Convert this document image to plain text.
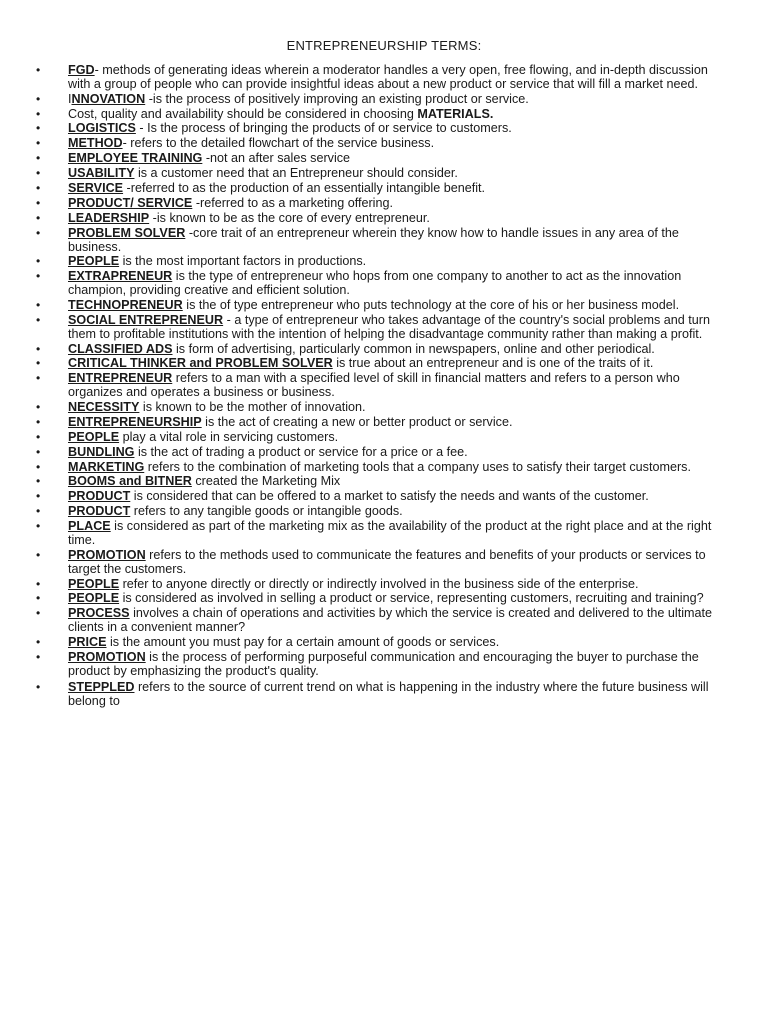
ENTREPRENEURSHIP TERMS:
• FGD- methods of generating ideas wherein a moderator handles a very open, free flowing, and in-depth discussion with a group of people who can provide insightful ideas about a new product or service that will fill a market need.
• INNOVATION -is the process of positively improving an existing product or service.
• Cost, quality and availability should be considered in choosing MATERIALS.
• LOGISTICS - Is the process of bringing the products of or service to customers.
• METHOD- refers to the detailed flowchart of the service business.
• EMPLOYEE TRAINING -not an after sales service
• USABILITY is a customer need that an Entrepreneur should consider.
• SERVICE -referred to as the production of an essentially intangible benefit.
• PRODUCT/ SERVICE -referred to as a marketing offering.
• LEADERSHIP -is known to be as the core of every entrepreneur.
• PROBLEM SOLVER -core trait of an entrepreneur wherein they know how to handle issues in any area of the business.
• PEOPLE is the most important factors in productions.
• EXTRAPRENEUR is the type of entrepreneur who hops from one company to another to act as the innovation champion, providing creative and efficient solution.
• TECHNOPRENEUR is the of type entrepreneur who puts technology at the core of his or her business model.
• SOCIAL ENTREPRENEUR - a type of entrepreneur who takes advantage of the country's social problems and turn them to profitable institutions with the intention of helping the disadvantage community rather than making a profit.
• CLASSIFIED ADS is form of advertising, particularly common in newspapers, online and other periodical.
• CRITICAL THINKER and PROBLEM SOLVER is true about an entrepreneur and is one of the traits of it.
• ENTREPRENEUR refers to a man with a specified level of skill in financial matters and refers to a person who organizes and operates a business or business.
• NECESSITY is known to be the mother of innovation.
• ENTREPRENEURSHIP is the act of creating a new or better product or service.
• PEOPLE play a vital role in servicing customers.
• BUNDLING is the act of trading a product or service for a price or a fee.
• MARKETING refers to the combination of marketing tools that a company uses to satisfy their target customers.
• BOOMS and BITNER created the Marketing Mix
• PRODUCT is considered that can be offered to a market to satisfy the needs and wants of the customer.
• PRODUCT refers to any tangible goods or intangible goods.
• PLACE is considered as part of the marketing mix as the availability of the product at the right place and at the right time.
• PROMOTION refers to the methods used to communicate the features and benefits of your products or services to target the customers.
• PEOPLE refer to anyone directly or directly or indirectly involved in the business side of the enterprise.
• PEOPLE is considered as involved in selling a product or service, representing customers, recruiting and training?
• PROCESS involves a chain of operations and activities by which the service is created and delivered to the ultimate clients in a convenient manner?
• PRICE is the amount you must pay for a certain amount of goods or services.
• PROMOTION is the process of performing purposeful communication and encouraging the buyer to purchase the product by emphasizing the product's quality.
• STEPPLED refers to the source of current trend on what is happening in the industry where the future business will belong to
